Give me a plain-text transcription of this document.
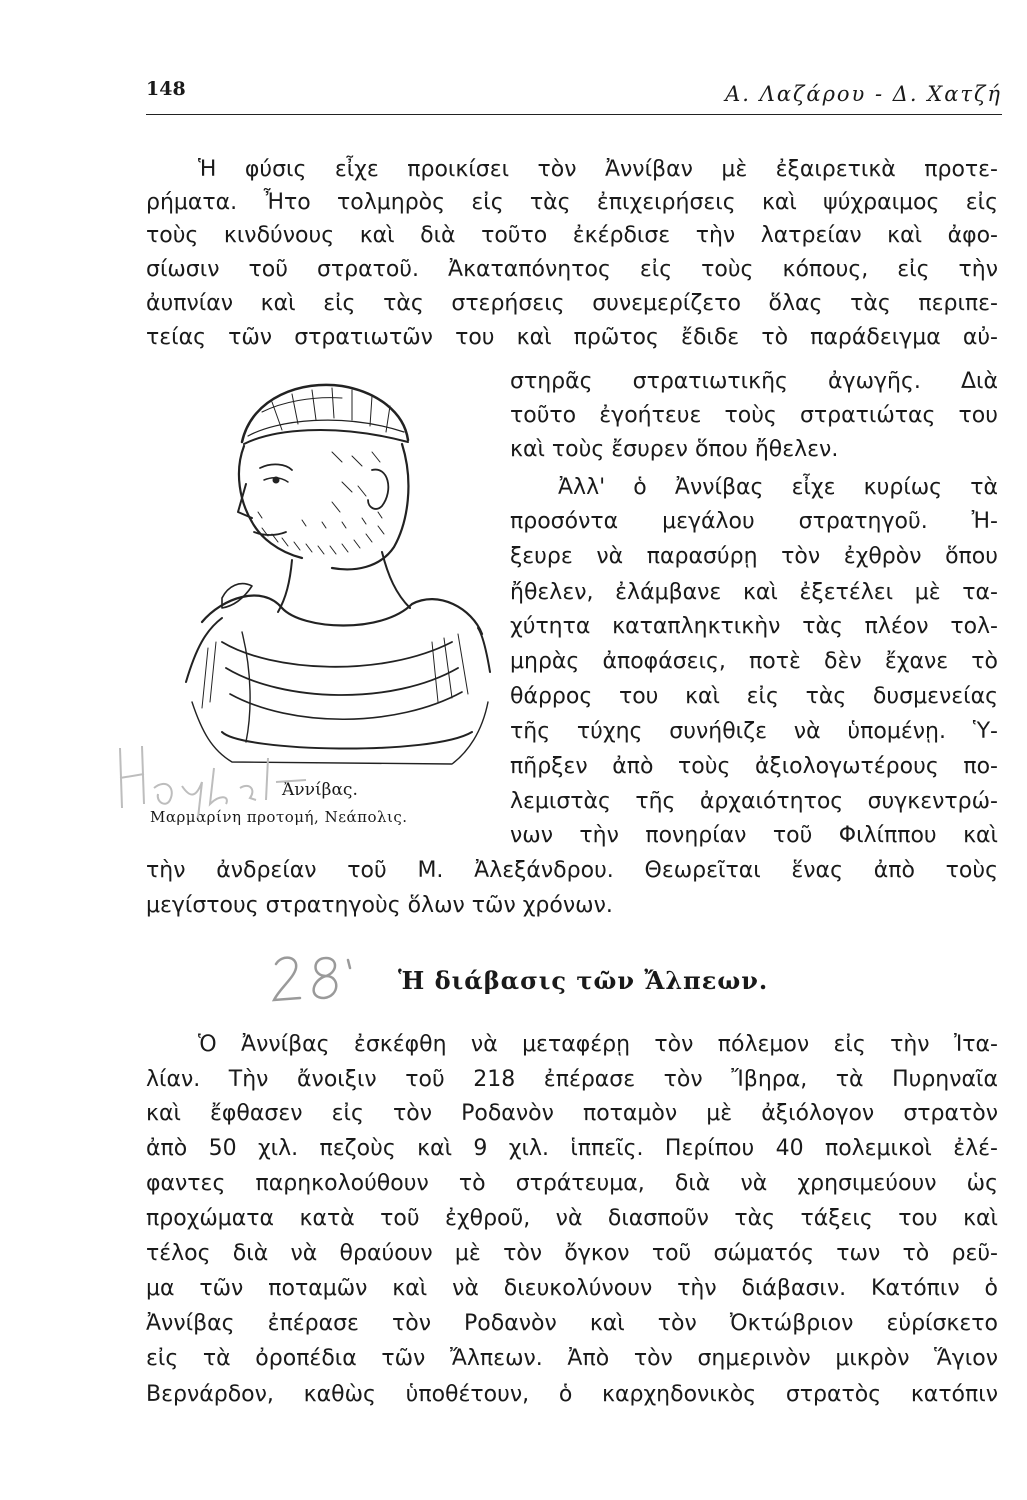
148	Α. Λαζάρου - Δ. Χατζή
Ἡ φύσις εἶχε προικίσει τὸν Ἀννίβαν μὲ ἐξαιρετικὰ προτε-
ρήματα. Ἦτο τολμηρὸς εἰς τὰς ἐπιχειρήσεις καὶ ψύχραιμος εἰς
τοὺς κινδύνους καὶ διὰ τοῦτο ἐκέρδισε τὴν λατρείαν καὶ ἀφο-
σίωσιν τοῦ στρατοῦ. Ἀκαταπόνητος εἰς τοὺς κόπους, εἰς τὴν
ἀυπνίαν καὶ εἰς τὰς στερήσεις συνεμερίζετο ὅλας τὰς περιπε-
τείας τῶν στρατιωτῶν του καὶ πρῶτος ἔδιδε τὸ παράδειγμα αὐ-
στηρᾶς στρατιωτικῆς ἀγωγῆς. Διὰ
τοῦτο ἐγοήτευε τοὺς στρατιώτας του
καὶ τοὺς ἔσυρεν ὅπου ἤθελεν.
Ἀλλ' ὁ Ἀννίβας εἶχε κυρίως τὰ
προσόντα μεγάλου στρατηγοῦ. Ἠ-
ξευρε νὰ παρασύρῃ τὸν ἐχθρὸν ὅπου
ἤθελεν, ἐλάμβανε καὶ ἐξετέλει μὲ τα-
χύτητα καταπληκτικὴν τὰς πλέον τολ-
μηρὰς ἀποφάσεις, ποτὲ δὲν ἔχανε τὸ
θάρρος του καὶ εἰς τὰς δυσμενείας
τῆς τύχης συνήθιζε νὰ ὑπομένῃ. Ὑ-
πῆρξεν ἀπὸ τοὺς ἀξιολογωτέρους πο-
λεμιστὰς τῆς ἀρχαιότητος συγκεντρώ-
νων τὴν πονηρίαν τοῦ Φιλίππου καὶ
τὴν ἀνδρείαν τοῦ Μ. Ἀλεξάνδρου. Θεωρεῖται ἕνας ἀπὸ τοὺς
μεγίστους στρατηγοὺς ὅλων τῶν χρόνων.
Ἀννίβας.
Μαρμαρίνη προτομή, Νεάπολις.
Ἡ διάβασις τῶν Ἄλπεων.
Ὁ Ἀννίβας ἐσκέφθη νὰ μεταφέρῃ τὸν πόλεμον εἰς τὴν Ἰτα-
λίαν. Τὴν ἄνοιξιν τοῦ 218 ἐπέρασε τὸν Ἴβηρα, τὰ Πυρηναῖα
καὶ ἔφθασεν εἰς τὸν Ροδανὸν ποταμὸν μὲ ἀξιόλογον στρατὸν
ἀπὸ 50 χιλ. πεζοὺς καὶ 9 χιλ. ἱππεῖς. Περίπου 40 πολεμικοὶ ἐλέ-
φαντες παρηκολούθουν τὸ στράτευμα, διὰ νὰ χρησιμεύουν ὡς
προχώματα κατὰ τοῦ ἐχθροῦ, νὰ διασποῦν τὰς τάξεις του καὶ
τέλος διὰ νὰ θραύουν μὲ τὸν ὄγκον τοῦ σώματός των τὸ ρεῦ-
μα τῶν ποταμῶν καὶ νὰ διευκολύνουν τὴν διάβασιν. Κατόπιν ὁ
Ἀννίβας ἐπέρασε τὸν Ροδανὸν καὶ τὸν Ὀκτώβριον εὑρίσκετο
εἰς τὰ ὀροπέδια τῶν Ἄλπεων. Ἀπὸ τὸν σημερινὸν μικρὸν Ἅγιον
Βερνάρδον, καθὼς ὑποθέτουν, ὁ καρχηδονικὸς στρατὸς κατόπιν
